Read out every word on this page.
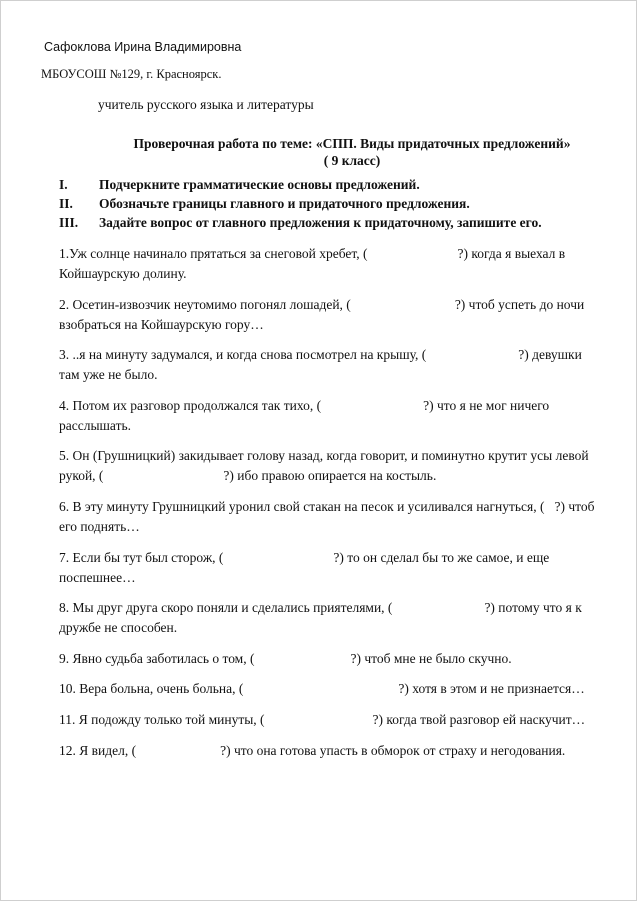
Сафоклова Ирина Владимировна
МБОУСОШ №129, г. Красноярск.
учитель русского языка и литературы
Проверочная работа по теме: «СПП. Виды придаточных предложений»
( 9 класс)
I.	Подчеркните грамматические основы предложений.
II.	Обозначьте границы главного и придаточного предложения.
III.	Задайте вопрос от главного предложения к придаточному, запишите его.
1.Уж солнце начинало прятаться за снеговой хребет, (	?) когда я выехал в Койшаурскую долину.
2. Осетин-извозчик неутомимо погонял лошадей, (	?) чтоб успеть до ночи взобраться на Койшаурскую гору…
3. ..я на минуту задумался, и когда снова посмотрел на крышу, (	?) девушки там уже не было.
4. Потом их разговор продолжался так тихо, (	?) что я не мог ничего расслышать.
5. Он (Грушницкий) закидывает голову назад, когда говорит, и поминутно крутит усы левой рукой, (	?) ибо правою опирается на костыль.
6. В эту минуту Грушницкий уронил свой стакан на песок и усиливался нагнуться, ( ?) чтоб его поднять…
7. Если бы тут был сторож, (	?) то он сделал бы то же самое, и еще поспешнее…
8. Мы друг друга скоро поняли и сделались приятелями, (	?) потому что я к дружбе не способен.
9. Явно судьба заботилась о том, (	?) чтоб мне не было скучно.
10. Вера больна, очень больна, (	?) хотя в этом и не признается…
11. Я подожду только той минуты, (	?) когда твой разговор ей наскучит…
12. Я видел, (	?) что она готова упасть в обморок от страху и негодования.
